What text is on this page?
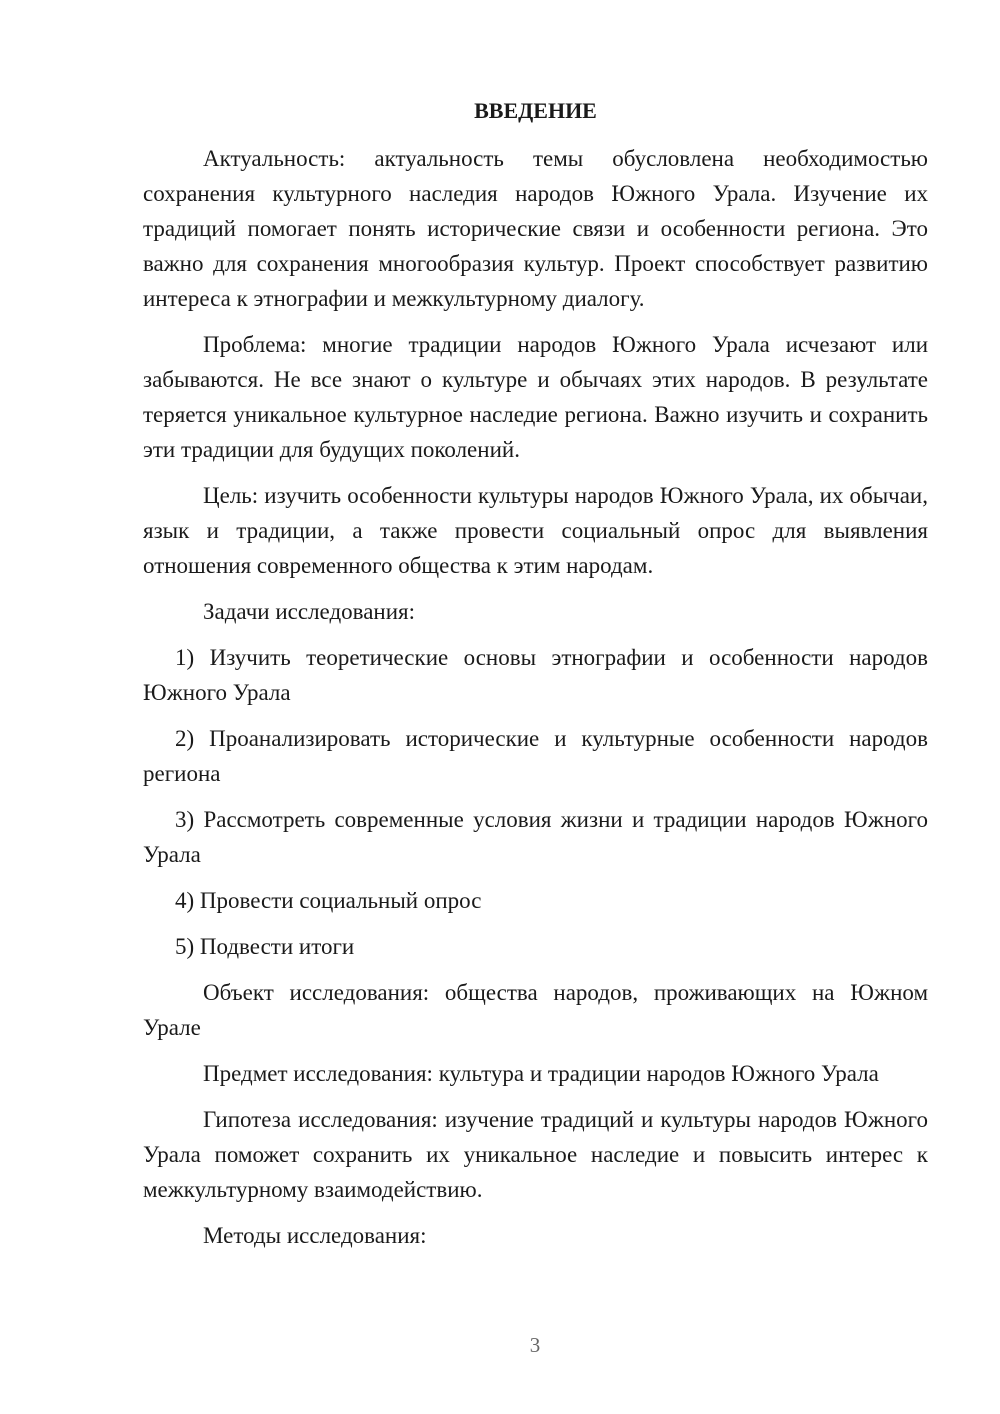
ВВЕДЕНИЕ

Актуальность: актуальность темы обусловлена необходимостью сохранения культурного наследия народов Южного Урала. Изучение их традиций помогает понять исторические связи и особенности региона. Это важно для сохранения многообразия культур. Проект способствует развитию интереса к этнографии и межкультурному диалогу.

Проблема: многие традиции народов Южного Урала исчезают или забываются. Не все знают о культуре и обычаях этих народов. В результате теряется уникальное культурное наследие региона. Важно изучить и сохранить эти традиции для будущих поколений.

Цель: изучить особенности культуры народов Южного Урала, их обычаи, язык и традиции, а также провести социальный опрос для выявления отношения современного общества к этим народам.

Задачи исследования:

1) Изучить теоретические основы этнографии и особенности народов Южного Урала

2) Проанализировать исторические и культурные особенности народов региона

3) Рассмотреть современные условия жизни и традиции народов Южного Урала

4) Провести социальный опрос

5) Подвести итоги

Объект исследования: общества народов, проживающих на Южном Урале

Предмет исследования: культура и традиции народов Южного Урала

Гипотеза исследования: изучение традиций и культуры народов Южного Урала поможет сохранить их уникальное наследие и повысить интерес к межкультурному взаимодействию.

Методы исследования:

3
